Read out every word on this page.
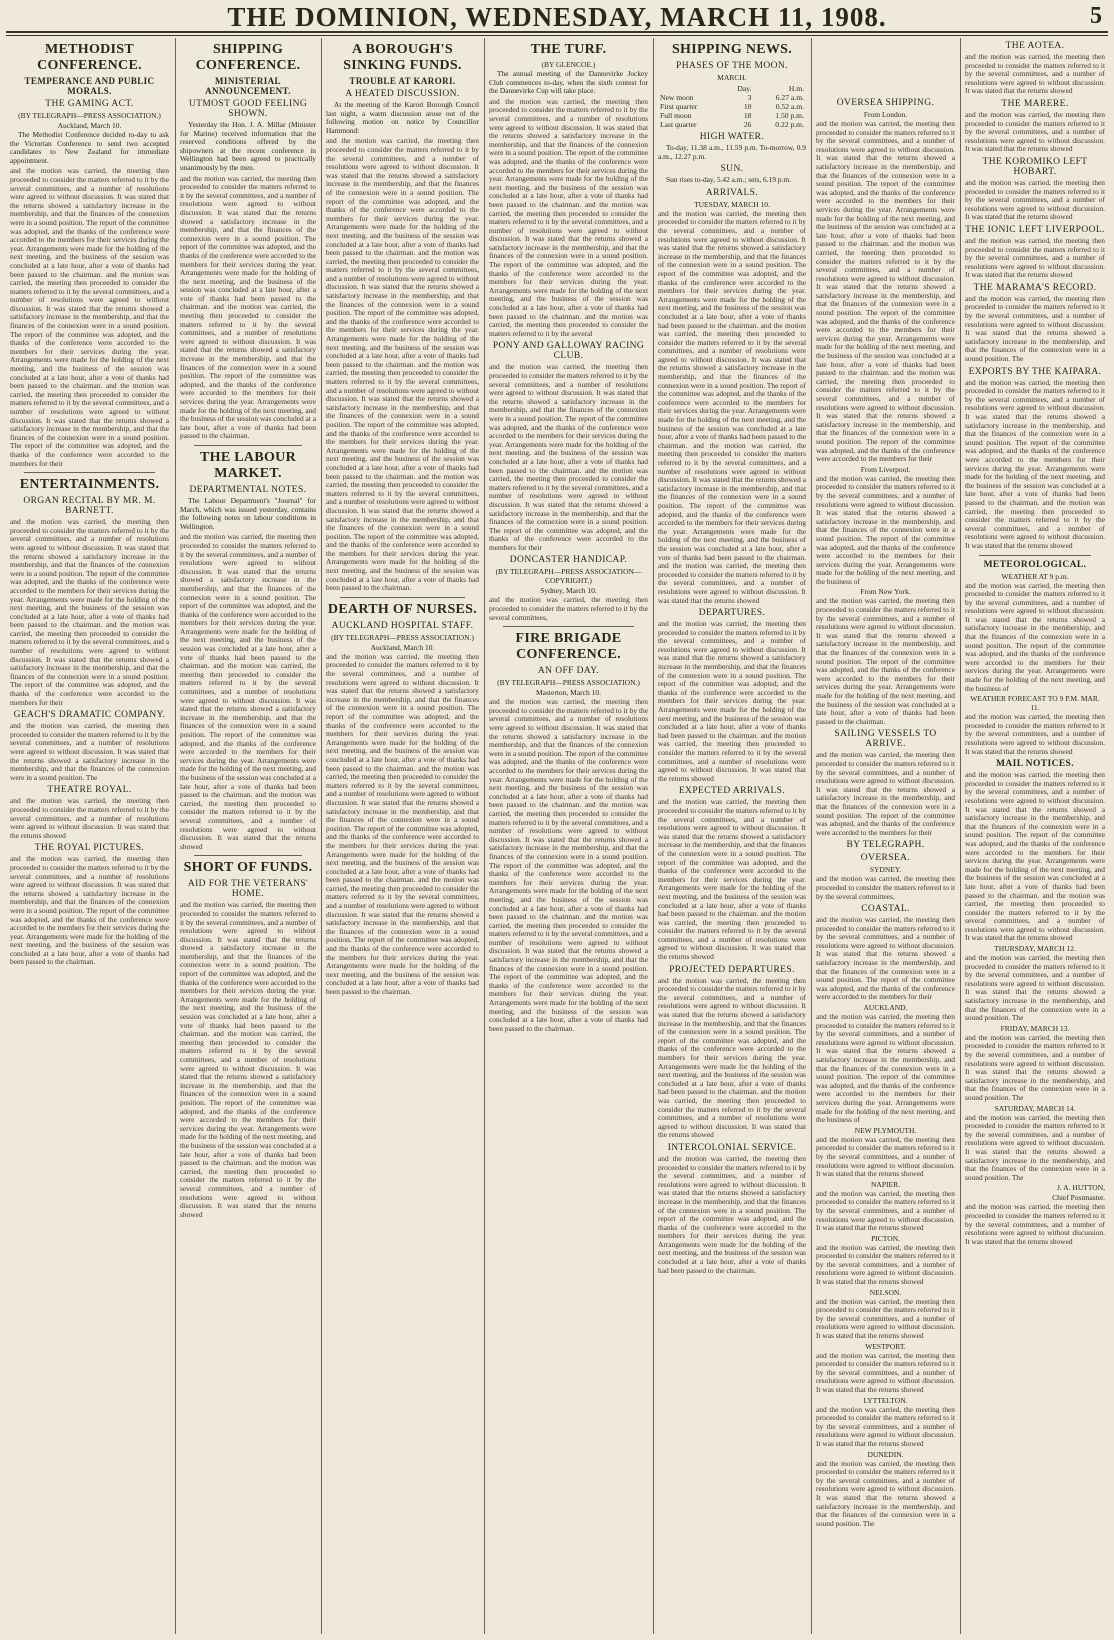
THE DOMINION, WEDNESDAY, MARCH 11, 1908.	5
METHODIST CONFERENCE.
TEMPERANCE AND PUBLIC MORALS.
THE GAMING ACT.
(BY TELEGRAPH—PRESS ASSOCIATION.)
Auckland, March 10.

The Methodist Conference decided to-day to ask the Victorian Conference to send two accepted candidates to New Zealand for immediate appointment.

and the motion was carried, the meeting then proceeded to consider the matters referred to it by the several committees, and a number of resolutions were agreed to without discussion. It was stated that the returns showed a satisfactory increase in the membership, and that the finances of the connexion were in a sound position. The report of the committee was adopted, and the thanks of the conference were accorded to the members for their services during the year. Arrangements were made for the holding of the next meeting, and the business of the session was concluded at a late hour, after a vote of thanks had been passed to the chairman. and the motion was carried, the meeting then proceeded to consider the matters referred to it by the several committees, and a number of resolutions were agreed to without discussion. It was stated that the returns showed a satisfactory increase in the membership, and that the finances of the connexion were in a sound position. The report of the committee was adopted, and the thanks of the conference were accorded to the members for their services during the year. Arrangements were made for the holding of the next meeting, and the business of the session was concluded at a late hour, after a vote of thanks had been passed to the chairman. and the motion was carried, the meeting then proceeded to consider the matters referred to it by the several committees, and a number of resolutions were agreed to without discussion. It was stated that the returns showed a satisfactory increase in the membership, and that the finances of the connexion were in a sound position. The report of the committee was adopted, and the thanks of the conference were accorded to the members for their
ENTERTAINMENTS.
ORGAN RECITAL BY MR. M. BARNETT.
and the motion was carried, the meeting then proceeded to consider the matters referred to it by the several committees, and a number of resolutions were agreed to without discussion. It was stated that the returns showed a satisfactory increase in the membership, and that the finances of the connexion were in a sound position. The report of the committee was adopted, and the thanks of the conference were accorded to the members for their services during the year. Arrangements were made for the holding of the next meeting, and the business of the session was concluded at a late hour, after a vote of thanks had been passed to the chairman. and the motion was carried, the meeting then proceeded to consider the matters referred to it by the several committees, and a number of resolutions were agreed to without discussion. It was stated that the returns showed a satisfactory increase in the membership, and that the finances of the connexion were in a sound position. The report of the committee was adopted, and the thanks of the conference were accorded to the members for their
GEACH'S DRAMATIC COMPANY.
and the motion was carried, the meeting then proceeded to consider the matters referred to it by the several committees, and a number of resolutions were agreed to without discussion. It was stated that the returns showed a satisfactory increase in the membership, and that the finances of the connexion were in a sound position. The
THEATRE ROYAL.
and the motion was carried, the meeting then proceeded to consider the matters referred to it by the several committees, and a number of resolutions were agreed to without discussion. It was stated that the returns showed
THE ROYAL PICTURES.
and the motion was carried, the meeting then proceeded to consider the matters referred to it by the several committees, and a number of resolutions were agreed to without discussion. It was stated that the returns showed a satisfactory increase in the membership, and that the finances of the connexion were in a sound position. The report of the committee was adopted, and the thanks of the conference were accorded to the members for their services during the year. Arrangements were made for the holding of the next meeting, and the business of the session was concluded at a late hour, after a vote of thanks had been passed to the chairman.
SHIPPING CONFERENCE.
MINISTERIAL ANNOUNCEMENT.
UTMOST GOOD FEELING SHOWN.

Yesterday the Hon. J. A. Millar (Minister for Marine) received information that the reserved conditions offered by the shipowners at the recent conference in Wellington had been agreed to practically unanimously by the men.

and the motion was carried, the meeting then proceeded to consider the matters referred to it by the several committees, and a number of resolutions were agreed to without discussion. It was stated that the returns showed a satisfactory increase in the membership, and that the finances of the connexion were in a sound position. The report of the committee was adopted, and the thanks of the conference were accorded to the members for their services during the year. Arrangements were made for the holding of the next meeting, and the business of the session was concluded at a late hour, after a vote of thanks had been passed to the chairman. and the motion was carried, the meeting then proceeded to consider the matters referred to it by the several committees, and a number of resolutions were agreed to without discussion. It was stated that the returns showed a satisfactory increase in the membership, and that the finances of the connexion were in a sound position. The report of the committee was adopted, and the thanks of the conference were accorded to the members for their services during the year. Arrangements were made for the holding of the next meeting, and the business of the session was concluded at a late hour, after a vote of thanks had been passed to the chairman.
THE LABOUR MARKET.
DEPARTMENTAL NOTES.

The Labour Department's "Journal" for March, which was issued yesterday, contains the following notes on labour conditions in Wellington.

and the motion was carried, the meeting then proceeded to consider the matters referred to it by the several committees, and a number of resolutions were agreed to without discussion. It was stated that the returns showed a satisfactory increase in the membership, and that the finances of the connexion were in a sound position. The report of the committee was adopted, and the thanks of the conference were accorded to the members for their services during the year. Arrangements were made for the holding of the next meeting, and the business of the session was concluded at a late hour, after a vote of thanks had been passed to the chairman. and the motion was carried, the meeting then proceeded to consider the matters referred to it by the several committees, and a number of resolutions were agreed to without discussion. It was stated that the returns showed a satisfactory increase in the membership, and that the finances of the connexion were in a sound position. The report of the committee was adopted, and the thanks of the conference were accorded to the members for their services during the year. Arrangements were made for the holding of the next meeting, and the business of the session was concluded at a late hour, after a vote of thanks had been passed to the chairman. and the motion was carried, the meeting then proceeded to consider the matters referred to it by the several committees, and a number of resolutions were agreed to without discussion. It was stated that the returns showed
SHORT OF FUNDS.
AID FOR THE VETERANS' HOME.
and the motion was carried, the meeting then proceeded to consider the matters referred to it by the several committees, and a number of resolutions were agreed to without discussion. It was stated that the returns showed a satisfactory increase in the membership, and that the finances of the connexion were in a sound position. The report of the committee was adopted, and the thanks of the conference were accorded to the members for their services during the year. Arrangements were made for the holding of the next meeting, and the business of the session was concluded at a late hour, after a vote of thanks had been passed to the chairman. and the motion was carried, the meeting then proceeded to consider the matters referred to it by the several committees, and a number of resolutions were agreed to without discussion. It was stated that the returns showed a satisfactory increase in the membership, and that the finances of the connexion were in a sound position. The report of the committee was adopted, and the thanks of the conference were accorded to the members for their services during the year. Arrangements were made for the holding of the next meeting, and the business of the session was concluded at a late hour, after a vote of thanks had been passed to the chairman. and the motion was carried, the meeting then proceeded to consider the matters referred to it by the several committees, and a number of resolutions were agreed to without discussion. It was stated that the returns showed
A BOROUGH'S SINKING FUNDS.
TROUBLE AT KARORI.
A HEATED DISCUSSION.

At the meeting of the Karori Borough Council last night, a warm discussion arose out of the following motion on notice by Councillor Hammond:

and the motion was carried, the meeting then proceeded to consider the matters referred to it by the several committees, and a number of resolutions were agreed to without discussion. It was stated that the returns showed a satisfactory increase in the membership, and that the finances of the connexion were in a sound position. The report of the committee was adopted, and the thanks of the conference were accorded to the members for their services during the year. Arrangements were made for the holding of the next meeting, and the business of the session was concluded at a late hour, after a vote of thanks had been passed to the chairman. and the motion was carried, the meeting then proceeded to consider the matters referred to it by the several committees, and a number of resolutions were agreed to without discussion. It was stated that the returns showed a satisfactory increase in the membership, and that the finances of the connexion were in a sound position. The report of the committee was adopted, and the thanks of the conference were accorded to the members for their services during the year. Arrangements were made for the holding of the next meeting, and the business of the session was concluded at a late hour, after a vote of thanks had been passed to the chairman. and the motion was carried, the meeting then proceeded to consider the matters referred to it by the several committees, and a number of resolutions were agreed to without discussion. It was stated that the returns showed a satisfactory increase in the membership, and that the finances of the connexion were in a sound position. The report of the committee was adopted, and the thanks of the conference were accorded to the members for their services during the year. Arrangements were made for the holding of the next meeting, and the business of the session was concluded at a late hour, after a vote of thanks had been passed to the chairman. and the motion was carried, the meeting then proceeded to consider the matters referred to it by the several committees, and a number of resolutions were agreed to without discussion. It was stated that the returns showed a satisfactory increase in the membership, and that the finances of the connexion were in a sound position. The report of the committee was adopted, and the thanks of the conference were accorded to the members for their services during the year. Arrangements were made for the holding of the next meeting, and the business of the session was concluded at a late hour, after a vote of thanks had been passed to the chairman.
DEARTH OF NURSES.
AUCKLAND HOSPITAL STAFF.
(BY TELEGRAPH—PRESS ASSOCIATION.)
Auckland, March 10.
and the motion was carried, the meeting then proceeded to consider the matters referred to it by the several committees, and a number of resolutions were agreed to without discussion. It was stated that the returns showed a satisfactory increase in the membership, and that the finances of the connexion were in a sound position. The report of the committee was adopted, and the thanks of the conference were accorded to the members for their services during the year. Arrangements were made for the holding of the next meeting, and the business of the session was concluded at a late hour, after a vote of thanks had been passed to the chairman. and the motion was carried, the meeting then proceeded to consider the matters referred to it by the several committees, and a number of resolutions were agreed to without discussion. It was stated that the returns showed a satisfactory increase in the membership, and that the finances of the connexion were in a sound position. The report of the committee was adopted, and the thanks of the conference were accorded to the members for their services during the year. Arrangements were made for the holding of the next meeting, and the business of the session was concluded at a late hour, after a vote of thanks had been passed to the chairman. and the motion was carried, the meeting then proceeded to consider the matters referred to it by the several committees, and a number of resolutions were agreed to without discussion. It was stated that the returns showed a satisfactory increase in the membership, and that the finances of the connexion were in a sound position. The report of the committee was adopted, and the thanks of the conference were accorded to the members for their services during the year. Arrangements were made for the holding of the next meeting, and the business of the session was concluded at a late hour, after a vote of thanks had been passed to the chairman.
THE TURF.
(BY GLENCOE.)

The annual meeting of the Dannevirke Jockey Club commences to-day, when the sixth contest for the Dannevirke Cup will take place.

and the motion was carried, the meeting then proceeded to consider the matters referred to it by the several committees, and a number of resolutions were agreed to without discussion. It was stated that the returns showed a satisfactory increase in the membership, and that the finances of the connexion were in a sound position. The report of the committee was adopted, and the thanks of the conference were accorded to the members for their services during the year. Arrangements were made for the holding of the next meeting, and the business of the session was concluded at a late hour, after a vote of thanks had been passed to the chairman. and the motion was carried, the meeting then proceeded to consider the matters referred to it by the several committees, and a number of resolutions were agreed to without discussion. It was stated that the returns showed a satisfactory increase in the membership, and that the finances of the connexion were in a sound position. The report of the committee was adopted, and the thanks of the conference were accorded to the members for their services during the year. Arrangements were made for the holding of the next meeting, and the business of the session was concluded at a late hour, after a vote of thanks had been passed to the chairman. and the motion was carried, the meeting then proceeded to consider the matters referred to it by the several
PONY AND GALLOWAY RACING CLUB.
and the motion was carried, the meeting then proceeded to consider the matters referred to it by the several committees, and a number of resolutions were agreed to without discussion. It was stated that the returns showed a satisfactory increase in the membership, and that the finances of the connexion were in a sound position. The report of the committee was adopted, and the thanks of the conference were accorded to the members for their services during the year. Arrangements were made for the holding of the next meeting, and the business of the session was concluded at a late hour, after a vote of thanks had been passed to the chairman. and the motion was carried, the meeting then proceeded to consider the matters referred to it by the several committees, and a number of resolutions were agreed to without discussion. It was stated that the returns showed a satisfactory increase in the membership, and that the finances of the connexion were in a sound position. The report of the committee was adopted, and the thanks of the conference were accorded to the members for their
DONCASTER HANDICAP.
(BY TELEGRAPH—PRESS ASSOCIATION—COPYRIGHT.)
Sydney, March 10.
and the motion was carried, the meeting then proceeded to consider the matters referred to it by the several committees,
FIRE BRIGADE CONFERENCE.
AN OFF DAY.
(BY TELEGRAPH—PRESS ASSOCIATION.)
Masterton, March 10.
and the motion was carried, the meeting then proceeded to consider the matters referred to it by the several committees, and a number of resolutions were agreed to without discussion. It was stated that the returns showed a satisfactory increase in the membership, and that the finances of the connexion were in a sound position. The report of the committee was adopted, and the thanks of the conference were accorded to the members for their services during the year. Arrangements were made for the holding of the next meeting, and the business of the session was concluded at a late hour, after a vote of thanks had been passed to the chairman. and the motion was carried, the meeting then proceeded to consider the matters referred to it by the several committees, and a number of resolutions were agreed to without discussion. It was stated that the returns showed a satisfactory increase in the membership, and that the finances of the connexion were in a sound position. The report of the committee was adopted, and the thanks of the conference were accorded to the members for their services during the year. Arrangements were made for the holding of the next meeting, and the business of the session was concluded at a late hour, after a vote of thanks had been passed to the chairman. and the motion was carried, the meeting then proceeded to consider the matters referred to it by the several committees, and a number of resolutions were agreed to without discussion. It was stated that the returns showed a satisfactory increase in the membership, and that the finances of the connexion were in a sound position. The report of the committee was adopted, and the thanks of the conference were accorded to the members for their services during the year. Arrangements were made for the holding of the next meeting, and the business of the session was concluded at a late hour, after a vote of thanks had been passed to the chairman.
SHIPPING NEWS.
PHASES OF THE MOON.
MARCH.
	Day.	H.m.
New moon	3	6.27 a.m.
First quarter	10	0.52 a.m.
Full moon	18	1.50 p.m.
Last quarter	26	0.22 p.m.
HIGH WATER.

To-day, 11.38 a.m., 11.59 p.m. To-morrow, 0.9 a.m., 12.27 p.m.

SUN.

Sun rises to-day, 5.42 a.m.; sets, 6.19 p.m.

ARRIVALS.
TUESDAY, MARCH 10.
and the motion was carried, the meeting then proceeded to consider the matters referred to it by the several committees, and a number of resolutions were agreed to without discussion. It was stated that the returns showed a satisfactory increase in the membership, and that the finances of the connexion were in a sound position. The report of the committee was adopted, and the thanks of the conference were accorded to the members for their services during the year. Arrangements were made for the holding of the next meeting, and the business of the session was concluded at a late hour, after a vote of thanks had been passed to the chairman. and the motion was carried, the meeting then proceeded to consider the matters referred to it by the several committees, and a number of resolutions were agreed to without discussion. It was stated that the returns showed a satisfactory increase in the membership, and that the finances of the connexion were in a sound position. The report of the committee was adopted, and the thanks of the conference were accorded to the members for their services during the year. Arrangements were made for the holding of the next meeting, and the business of the session was concluded at a late hour, after a vote of thanks had been passed to the chairman. and the motion was carried, the meeting then proceeded to consider the matters referred to it by the several committees, and a number of resolutions were agreed to without discussion. It was stated that the returns showed a satisfactory increase in the membership, and that the finances of the connexion were in a sound position. The report of the committee was adopted, and the thanks of the conference were accorded to the members for their services during the year. Arrangements were made for the holding of the next meeting, and the business of the session was concluded at a late hour, after a vote of thanks had been passed to the chairman. and the motion was carried, the meeting then proceeded to consider the matters referred to it by the several committees, and a number of resolutions were agreed to without discussion. It was stated that the returns showed
DEPARTURES.
and the motion was carried, the meeting then proceeded to consider the matters referred to it by the several committees, and a number of resolutions were agreed to without discussion. It was stated that the returns showed a satisfactory increase in the membership, and that the finances of the connexion were in a sound position. The report of the committee was adopted, and the thanks of the conference were accorded to the members for their services during the year. Arrangements were made for the holding of the next meeting, and the business of the session was concluded at a late hour, after a vote of thanks had been passed to the chairman. and the motion was carried, the meeting then proceeded to consider the matters referred to it by the several committees, and a number of resolutions were agreed to without discussion. It was stated that the returns showed
EXPECTED ARRIVALS.
and the motion was carried, the meeting then proceeded to consider the matters referred to it by the several committees, and a number of resolutions were agreed to without discussion. It was stated that the returns showed a satisfactory increase in the membership, and that the finances of the connexion were in a sound position. The report of the committee was adopted, and the thanks of the conference were accorded to the members for their services during the year. Arrangements were made for the holding of the next meeting, and the business of the session was concluded at a late hour, after a vote of thanks had been passed to the chairman. and the motion was carried, the meeting then proceeded to consider the matters referred to it by the several committees, and a number of resolutions were agreed to without discussion. It was stated that the returns showed
PROJECTED DEPARTURES.
and the motion was carried, the meeting then proceeded to consider the matters referred to it by the several committees, and a number of resolutions were agreed to without discussion. It was stated that the returns showed a satisfactory increase in the membership, and that the finances of the connexion were in a sound position. The report of the committee was adopted, and the thanks of the conference were accorded to the members for their services during the year. Arrangements were made for the holding of the next meeting, and the business of the session was concluded at a late hour, after a vote of thanks had been passed to the chairman. and the motion was carried, the meeting then proceeded to consider the matters referred to it by the several committees, and a number of resolutions were agreed to without discussion. It was stated that the returns showed
INTERCOLONIAL SERVICE.
and the motion was carried, the meeting then proceeded to consider the matters referred to it by the several committees, and a number of resolutions were agreed to without discussion. It was stated that the returns showed a satisfactory increase in the membership, and that the finances of the connexion were in a sound position. The report of the committee was adopted, and the thanks of the conference were accorded to the members for their services during the year. Arrangements were made for the holding of the next meeting, and the business of the session was concluded at a late hour, after a vote of thanks had been passed to the chairman.
OVERSEA SHIPPING.
From London.
and the motion was carried, the meeting then proceeded to consider the matters referred to it by the several committees, and a number of resolutions were agreed to without discussion. It was stated that the returns showed a satisfactory increase in the membership, and that the finances of the connexion were in a sound position. The report of the committee was adopted, and the thanks of the conference were accorded to the members for their services during the year. Arrangements were made for the holding of the next meeting, and the business of the session was concluded at a late hour, after a vote of thanks had been passed to the chairman. and the motion was carried, the meeting then proceeded to consider the matters referred to it by the several committees, and a number of resolutions were agreed to without discussion. It was stated that the returns showed a satisfactory increase in the membership, and that the finances of the connexion were in a sound position. The report of the committee was adopted, and the thanks of the conference were accorded to the members for their services during the year. Arrangements were made for the holding of the next meeting, and the business of the session was concluded at a late hour, after a vote of thanks had been passed to the chairman. and the motion was carried, the meeting then proceeded to consider the matters referred to it by the several committees, and a number of resolutions were agreed to without discussion. It was stated that the returns showed a satisfactory increase in the membership, and that the finances of the connexion were in a sound position. The report of the committee was adopted, and the thanks of the conference were accorded to the members for their
From Liverpool.
and the motion was carried, the meeting then proceeded to consider the matters referred to it by the several committees, and a number of resolutions were agreed to without discussion. It was stated that the returns showed a satisfactory increase in the membership, and that the finances of the connexion were in a sound position. The report of the committee was adopted, and the thanks of the conference were accorded to the members for their services during the year. Arrangements were made for the holding of the next meeting, and the business of
From New York.
and the motion was carried, the meeting then proceeded to consider the matters referred to it by the several committees, and a number of resolutions were agreed to without discussion. It was stated that the returns showed a satisfactory increase in the membership, and that the finances of the connexion were in a sound position. The report of the committee was adopted, and the thanks of the conference were accorded to the members for their services during the year. Arrangements were made for the holding of the next meeting, and the business of the session was concluded at a late hour, after a vote of thanks had been passed to the chairman.
SAILING VESSELS TO ARRIVE.
and the motion was carried, the meeting then proceeded to consider the matters referred to it by the several committees, and a number of resolutions were agreed to without discussion. It was stated that the returns showed a satisfactory increase in the membership, and that the finances of the connexion were in a sound position. The report of the committee was adopted, and the thanks of the conference were accorded to the members for their
BY TELEGRAPH.
OVERSEA.
SYDNEY.
and the motion was carried, the meeting then proceeded to consider the matters referred to it by the several committees,
COASTAL.
and the motion was carried, the meeting then proceeded to consider the matters referred to it by the several committees, and a number of resolutions were agreed to without discussion. It was stated that the returns showed a satisfactory increase in the membership, and that the finances of the connexion were in a sound position. The report of the committee was adopted, and the thanks of the conference were accorded to the members for their
AUCKLAND.
and the motion was carried, the meeting then proceeded to consider the matters referred to it by the several committees, and a number of resolutions were agreed to without discussion. It was stated that the returns showed a satisfactory increase in the membership, and that the finances of the connexion were in a sound position. The report of the committee was adopted, and the thanks of the conference were accorded to the members for their services during the year. Arrangements were made for the holding of the next meeting, and the business of
NEW PLYMOUTH.
and the motion was carried, the meeting then proceeded to consider the matters referred to it by the several committees, and a number of resolutions were agreed to without discussion. It was stated that the returns showed
NAPIER.
and the motion was carried, the meeting then proceeded to consider the matters referred to it by the several committees, and a number of resolutions were agreed to without discussion. It was stated that the returns showed
PICTON.
and the motion was carried, the meeting then proceeded to consider the matters referred to it by the several committees, and a number of resolutions were agreed to without discussion. It was stated that the returns showed
NELSON.
and the motion was carried, the meeting then proceeded to consider the matters referred to it by the several committees, and a number of resolutions were agreed to without discussion. It was stated that the returns showed
WESTPORT.
and the motion was carried, the meeting then proceeded to consider the matters referred to it by the several committees, and a number of resolutions were agreed to without discussion. It was stated that the returns showed
LYTTELTON.
and the motion was carried, the meeting then proceeded to consider the matters referred to it by the several committees, and a number of resolutions were agreed to without discussion. It was stated that the returns showed
DUNEDIN.
and the motion was carried, the meeting then proceeded to consider the matters referred to it by the several committees, and a number of resolutions were agreed to without discussion. It was stated that the returns showed a satisfactory increase in the membership, and that the finances of the connexion were in a sound position. The
THE AOTEA.
and the motion was carried, the meeting then proceeded to consider the matters referred to it by the several committees, and a number of resolutions were agreed to without discussion. It was stated that the returns showed
THE MARERE.
and the motion was carried, the meeting then proceeded to consider the matters referred to it by the several committees, and a number of resolutions were agreed to without discussion. It was stated that the returns showed
THE KOROMIKO LEFT HOBART.
and the motion was carried, the meeting then proceeded to consider the matters referred to it by the several committees, and a number of resolutions were agreed to without discussion. It was stated that the returns showed
THE IONIC LEFT LIVERPOOL.
and the motion was carried, the meeting then proceeded to consider the matters referred to it by the several committees, and a number of resolutions were agreed to without discussion. It was stated that the returns showed
THE MARAMA'S RECORD.
and the motion was carried, the meeting then proceeded to consider the matters referred to it by the several committees, and a number of resolutions were agreed to without discussion. It was stated that the returns showed a satisfactory increase in the membership, and that the finances of the connexion were in a sound position. The
EXPORTS BY THE KAIPARA.
and the motion was carried, the meeting then proceeded to consider the matters referred to it by the several committees, and a number of resolutions were agreed to without discussion. It was stated that the returns showed a satisfactory increase in the membership, and that the finances of the connexion were in a sound position. The report of the committee was adopted, and the thanks of the conference were accorded to the members for their services during the year. Arrangements were made for the holding of the next meeting, and the business of the session was concluded at a late hour, after a vote of thanks had been passed to the chairman. and the motion was carried, the meeting then proceeded to consider the matters referred to it by the several committees, and a number of resolutions were agreed to without discussion. It was stated that the returns showed
METEOROLOGICAL.
WEATHER AT 9 p.m.
and the motion was carried, the meeting then proceeded to consider the matters referred to it by the several committees, and a number of resolutions were agreed to without discussion. It was stated that the returns showed a satisfactory increase in the membership, and that the finances of the connexion were in a sound position. The report of the committee was adopted, and the thanks of the conference were accorded to the members for their services during the year. Arrangements were made for the holding of the next meeting, and the business of
WEATHER FORECAST TO 9 P.M. MAR. 11.
and the motion was carried, the meeting then proceeded to consider the matters referred to it by the several committees, and a number of resolutions were agreed to without discussion. It was stated that the returns showed
MAIL NOTICES.
and the motion was carried, the meeting then proceeded to consider the matters referred to it by the several committees, and a number of resolutions were agreed to without discussion. It was stated that the returns showed a satisfactory increase in the membership, and that the finances of the connexion were in a sound position. The report of the committee was adopted, and the thanks of the conference were accorded to the members for their services during the year. Arrangements were made for the holding of the next meeting, and the business of the session was concluded at a late hour, after a vote of thanks had been passed to the chairman. and the motion was carried, the meeting then proceeded to consider the matters referred to it by the several committees, and a number of resolutions were agreed to without discussion. It was stated that the returns showed
THURSDAY, MARCH 12.
and the motion was carried, the meeting then proceeded to consider the matters referred to it by the several committees, and a number of resolutions were agreed to without discussion. It was stated that the returns showed a satisfactory increase in the membership, and that the finances of the connexion were in a sound position. The
FRIDAY, MARCH 13.
and the motion was carried, the meeting then proceeded to consider the matters referred to it by the several committees, and a number of resolutions were agreed to without discussion. It was stated that the returns showed a satisfactory increase in the membership, and that the finances of the connexion were in a sound position. The
SATURDAY, MARCH 14.
and the motion was carried, the meeting then proceeded to consider the matters referred to it by the several committees, and a number of resolutions were agreed to without discussion. It was stated that the returns showed a satisfactory increase in the membership, and that the finances of the connexion were in a sound position. The
J. A. HUTTON,
Chief Postmaster.
and the motion was carried, the meeting then proceeded to consider the matters referred to it by the several committees, and a number of resolutions were agreed to without discussion. It was stated that the returns showed
